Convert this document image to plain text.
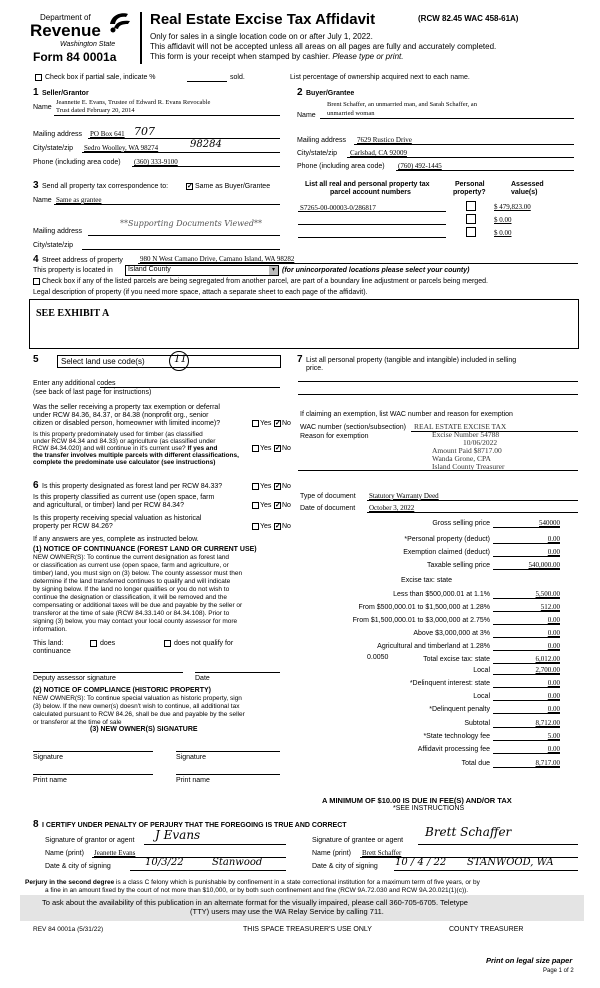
Department of
Revenue
Washington State
Form 84 0001a
Real Estate Excise Tax Affidavit	(RCW 82.45 WAC 458-61A)
Only for sales in a single location code on or after July 1, 2022.
This affidavit will not be accepted unless all areas on all pages are fully and accurately completed.
This form is your receipt when stamped by cashier. Please type or print.
Check box if partial sale, indicate %	sold.	List percentage of ownership acquired next to each name.
1 Seller/Grantor
Name
Jeannette E. Evans, Trustee of Edward R. Evans Revocable
Trust dated February 20, 2014
Mailing address PO Box 641 707
City/state/zip Sedro Woolley, WA 98274	98284
Phone (including area code) (360) 333-9100
2 Buyer/Grantee
Brent Schaffer, an unmarried man, and Sarah Schaffer, an
Name unmarried woman
Mailing address 7629 Rustico Drive
City/state/zip Carlsbad, CA 92009
Phone (including area code) (760) 492-1445
3 Send all property tax correspondence to:	✓ Same as Buyer/Grantee
Name Same as grantee
**Supporting Documents Viewed**
Mailing address
City/state/zip
List all real and personal property tax
parcel account numbers
Personal
property?
Assessed
value(s)
S7265-00-00003-0/286817	$ 479,823.00
$ 0.00
$ 0.00
4 Street address of property 980 N West Camano Drive, Camano Island, WA 98282
This property is located in Island County	▾	(for unincorporated locations please select your county)
Check box if any of the listed parcels are being segregated from another parcel, are part of a boundary line adjustment or parcels being merged.
Legal description of property (if you need more space, attach a separate sheet to each page of the affidavit).
SEE EXHIBIT A
5	Select land use code(s)	11
Enter any additional codes
(see back of last page for instructions)
Was the seller receiving a property tax exemption or deferral
under RCW 84.36, 84.37, or 84.38 (nonprofit org., senior
citizen or disabled person, homeowner with limited income)?	Yes ✓ No
Is this property predominately used for timber (as classified
under RCW 84.34 and 84.33) or agriculture (as classified under
RCW 84.34.020) and will continue in it's current use? If yes and
the transfer involves multiple parcels with different classifications,
complete the predominate use calculator (see instructions)
Yes ✓ No
6 Is this property designated as forest land per RCW 84.33?	Yes ✓ No
Is this property classified as current use (open space, farm
and agricultural, or timber) land per RCW 84.34?	Yes ✓ No
Is this property receiving special valuation as historical
property per RCW 84.26?	Yes ✓ No
If any answers are yes, complete as instructed below.
(1) NOTICE OF CONTINUANCE (FOREST LAND OR CURRENT USE)
NEW OWNER(S): To continue the current designation as forest land
or classification as current use (open space, farm and agriculture, or
timber) land, you must sign on (3) below. The county assessor must then
determine if the land transferred continues to qualify and will indicate
by signing below. If the land no longer qualifies or you do not wish to
continue the designation or classification, it will be removed and the
compensating or additional taxes will be due and payable by the seller or
transferor at the time of sale (RCW 84.33.140 or 84.34.108). Prior to
signing (3) below, you may contact your local county assessor for more
information.
This land:
continuance
does	does not qualify for
Deputy assessor signature	Date
(2) NOTICE OF COMPLIANCE (HISTORIC PROPERTY)
NEW OWNER(S): To continue special valuation as historic property, sign
(3) below. If the new owner(s) doesn't wish to continue, all additional tax
calculated pursuant to RCW 84.26, shall be due and payable by the seller
or transferor at the time of sale
(3) NEW OWNER(S) SIGNATURE
Signature	Signature
Print name	Print name
7 List all personal property (tangible and intangible) included in selling
price.
If claiming an exemption, list WAC number and reason for exemption
WAC number (section/subsection)
Reason for exemption
REAL ESTATE EXCISE TAX
Excise Number 54788
10/06/2022
Amount Paid $8717.00
Wanda Grone, CPA
Island County Treasurer
Type of document Statutory Warranty Deed
Date of document October 3, 2022
Gross selling price	540000
*Personal property (deduct)	0.00
Exemption claimed (deduct)	0.00
Taxable selling price	540,000.00
Excise tax: state
Less than $500,000.01 at 1.1%	5,500.00
From $500,000.01 to $1,500,000 at 1.28%	512.00
From $1,500,000.01 to $3,000,000 at 2.75%	0.00
Above $3,000,000 at 3%	0.00
Agricultural and timberland at 1.28%	0.00
Total excise tax: state	6,012.00
Local	2,700.00
*Delinquent interest: state	0.00
Local	0.00
*Delinquent penalty	0.00
Subtotal	8,712.00
*State technology fee	5.00
Affidavit processing fee	0.00
Total due	8,717.00
0.0050
A MINIMUM OF $10.00 IS DUE IN FEE(S) AND/OR TAX
*SEE INSTRUCTIONS
8 I CERTIFY UNDER PENALTY OF PERJURY THAT THE FOREGOING IS TRUE AND CORRECT
Signature of grantor or agent J Evans
Name (print) Jeanette Evans
Date & city of signing	10/3/22	Stanwood
Signature of grantee or agent
Brett Schaffer
Name (print) Brett Schaffer
Date & city of signing 10 / 4 / 22 STANWOOD, WA
Perjury in the second degree is a class C felony which is punishable by confinement in a state correctional institution for a maximum term of five years, or by
a fine in an amount fixed by the court of not more than $10,000, or by both such confinement and fine (RCW 9A.72.030 and RCW 9A.20.021(1)(c)).
To ask about the availability of this publication in an alternate format for the visually impaired, please call 360-705-6705. Teletype
(TTY) users may use the WA Relay Service by calling 711.
REV 84 0001a (5/31/22)	THIS SPACE TREASURER'S USE ONLY	COUNTY TREASURER
Print on legal size paper
Page 1 of 2
